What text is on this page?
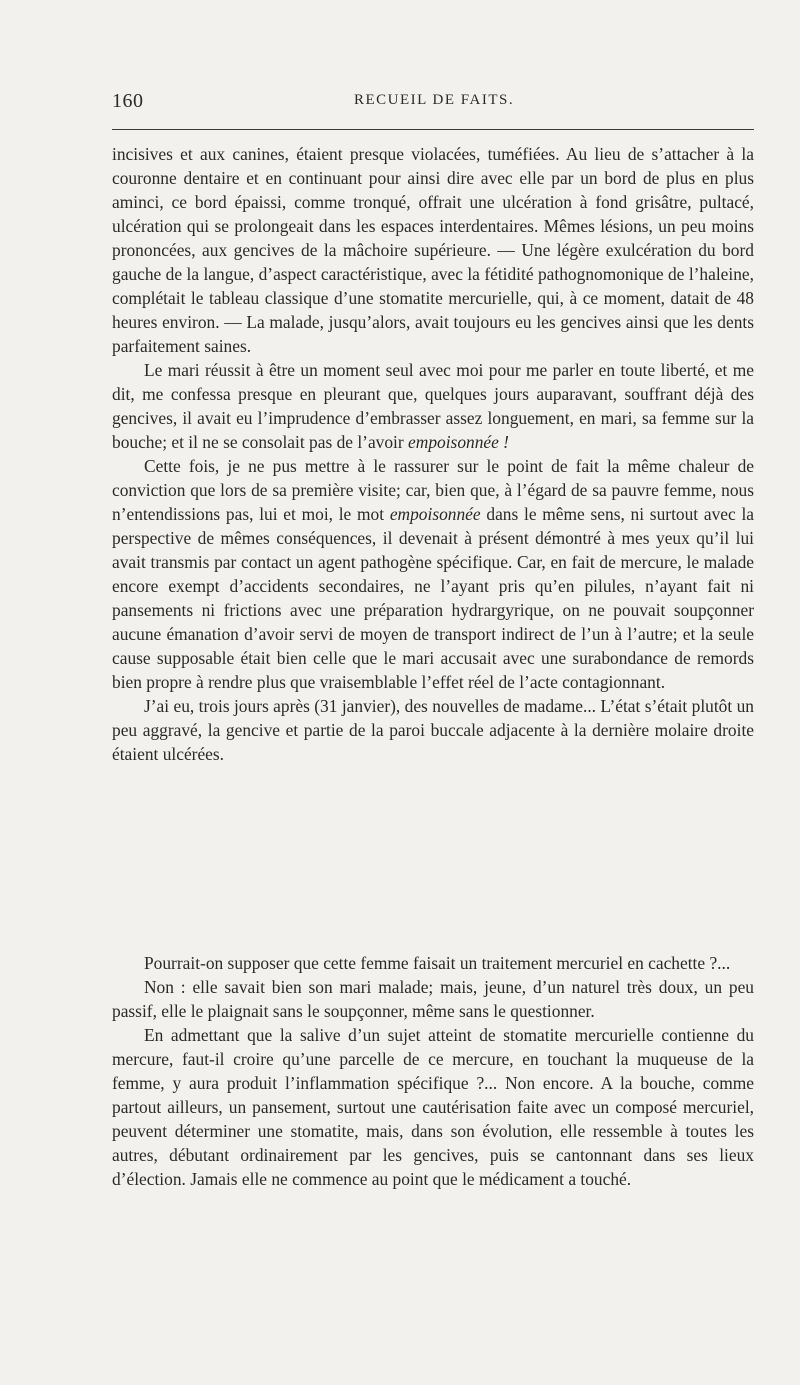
160	RECUEIL DE FAITS.

incisives et aux canines, étaient presque violacées, tuméfiées. Au lieu de s’attacher à la couronne dentaire et en continuant pour ainsi dire avec elle par un bord de plus en plus aminci, ce bord épaissi, comme tronqué, offrait une ulcération à fond grisâtre, pultacé, ulcération qui se prolongeait dans les espaces interdentaires. Mêmes lésions, un peu moins prononcées, aux gencives de la mâchoire supérieure. — Une légère exulcération du bord gauche de la langue, d’aspect caractéristique, avec la fétidité pathognomonique de l’haleine, complétait le tableau classique d’une stomatite mercurielle, qui, à ce moment, datait de 48 heures environ. — La malade, jusqu’alors, avait toujours eu les gencives ainsi que les dents parfaitement saines.

Le mari réussit à être un moment seul avec moi pour me parler en toute liberté, et me dit, me confessa presque en pleurant que, quelques jours auparavant, souffrant déjà des gencives, il avait eu l’imprudence d’embrasser assez longuement, en mari, sa femme sur la bouche; et il ne se consolait pas de l’avoir empoisonnée !

Cette fois, je ne pus mettre à le rassurer sur le point de fait la même chaleur de conviction que lors de sa première visite; car, bien que, à l’égard de sa pauvre femme, nous n’entendissions pas, lui et moi, le mot empoisonnée dans le même sens, ni surtout avec la perspective de mêmes conséquences, il devenait à présent démontré à mes yeux qu’il lui avait transmis par contact un agent pathogène spécifique. Car, en fait de mercure, le malade encore exempt d’accidents secondaires, ne l’ayant pris qu’en pilules, n’ayant fait ni pansements ni frictions avec une préparation hydrargyrique, on ne pouvait soupçonner aucune émanation d’avoir servi de moyen de transport indirect de l’un à l’autre; et la seule cause supposable était bien celle que le mari accusait avec une surabondance de remords bien propre à rendre plus que vraisemblable l’effet réel de l’acte contagionnant.

J’ai eu, trois jours après (31 janvier), des nouvelles de madame... L’état s’était plutôt un peu aggravé, la gencive et partie de la paroi buccale adjacente à la dernière molaire droite étaient ulcérées.

Pourrait-on supposer que cette femme faisait un traitement mercuriel en cachette ?...

Non : elle savait bien son mari malade; mais, jeune, d’un naturel très doux, un peu passif, elle le plaignait sans le soupçonner, même sans le questionner.

En admettant que la salive d’un sujet atteint de stomatite mercurielle contienne du mercure, faut-il croire qu’une parcelle de ce mercure, en touchant la muqueuse de la femme, y aura produit l’inflammation spécifique ?... Non encore. A la bouche, comme partout ailleurs, un pansement, surtout une cautérisation faite avec un composé mercuriel, peuvent déterminer une stomatite, mais, dans son évolution, elle ressemble à toutes les autres, débutant ordinairement par les gencives, puis se cantonnant dans ses lieux d’élection. Jamais elle ne commence au point que le médicament a touché.
